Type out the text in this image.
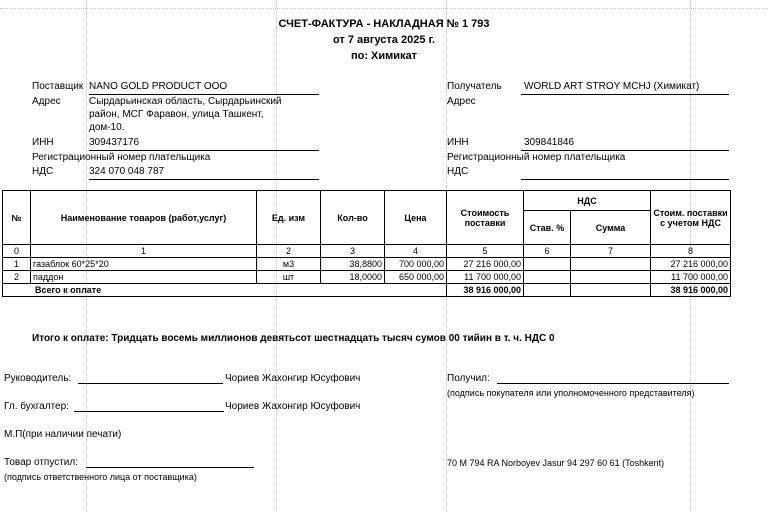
СЧЕТ-ФАКТУРА - НАКЛАДНАЯ № 1 793
от 7 августа 2025 г.
по: Химикат
Поставщик NANO GOLD PRODUCT OOO
Адрес	Сырдарьинская область, Сырдарьинский
район, МСГ Фаравон, улица Ташкент,
дом-10.
ИНН	309437176
Регистрационный номер плательщика
НДС	324 070 048 787
Получатель WORLD ART STROY MCHJ (Химикат)
Адрес
ИНН	309841846
Регистрационный номер плательщика
НДС
№	Наименование товаров (работ,услуг)	Ед. изм	Кол-во	Цена	Стоимость поставки	НДС		Стоим. поставки с учетом НДС
						Став. %	Сумма	
0	1	2	3	4	5	6	7	8
1	газаблок 60*25*20	м3	38,8800	700 000,00	27 216 000,00			27 216 000,00
2	паддон	шт	18,0000	650 000,00	11 700 000,00			11 700 000,00
Всего к оплате					38 916 000,00			38 916 000,00
Итого к оплате: Тридцать восемь миллионов девятьсот шестнадцать тысяч сумов 00 тийин в т. ч. НДС 0
Руководитель:	Чориев Жахонгир Юсуфович
Гл. бухгалтер:	Чориев Жахонгир Юсуфович
М.П(при наличии печати)
Товар отпустил:
(подпись ответственного лица от поставщика)
Получил:
(подпись покупателя или уполномоченного представителя)
70 M 794 RA Norboyev Jasur 94 297 60 61 (Toshkent)
